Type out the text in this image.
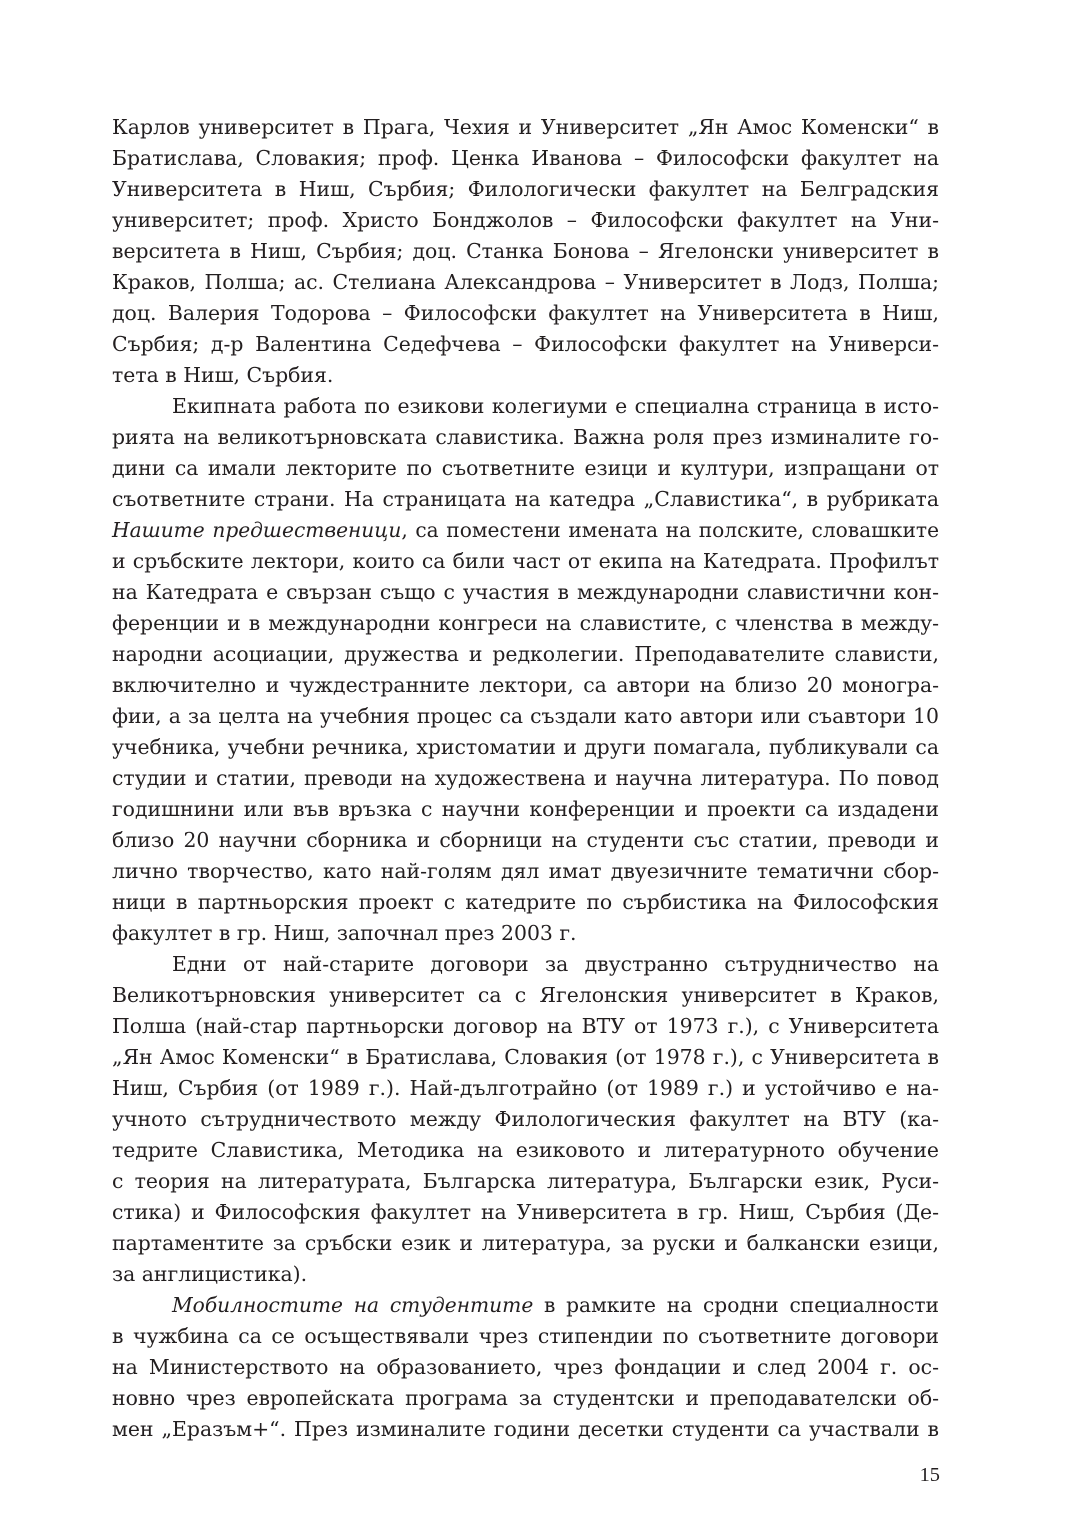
Карлов университет в Прага, Чехия и Университет „Ян Амос Коменски“ в
Братислава, Словакия; проф. Ценка Иванова – Философски факултет на
Университета в Ниш, Сърбия; Филологически факултет на Белградския
университет; проф. Христо Бонджолов – Философски факултет на Уни-
верситета в Ниш, Сърбия; доц. Станка Бонова – Ягелонски университет в
Краков, Полша; ас. Стелиана Александрова – Университет в Лодз, Полша;
доц. Валерия Тодорова – Философски факултет на Университета в Ниш,
Сърбия; д-р Валентина Седефчева – Философски факултет на Универси-
тета в Ниш, Сърбия.
Екипната работа по езикови колегиуми е специална страница в исто-
рията на великотърновската славистика. Важна роля през изминалите го-
дини са имали лекторите по съответните езици и култури, изпращани от
съответните страни. На страницата на катедра „Славистика“, в рубриката
Нашите предшественици, са поместени имената на полските, словашките
и сръбските лектори, които са били част от екипа на Катедрата. Профилът
на Катедрата е свързан също с участия в международни славистични кон-
ференции и в международни конгреси на славистите, с членства в между-
народни асоциации, дружества и редколегии. Преподавателите слависти,
включително и чуждестранните лектори, са автори на близо 20 моногра-
фии, а за целта на учебния процес са създали като автори или съавтори 10
учебника, учебни речника, христоматии и други помагала, публикували са
студии и статии, преводи на художествена и научна литература. По повод
годишнини или във връзка с научни конференции и проекти са издадени
близо 20 научни сборника и сборници на студенти със статии, преводи и
лично творчество, като най-голям дял имат двуезичните тематични сбор-
ници в партньорския проект с катедрите по сърбистика на Философския
факултет в гр. Ниш, започнал през 2003 г.
Едни от най-старите договори за двустранно сътрудничество на
Великотърновския университет са с Ягелонския университет в Краков,
Полша (най-стар партньорски договор на ВТУ от 1973 г.), с Университета
„Ян Амос Коменски“ в Братислава, Словакия (от 1978 г.), с Университета в
Ниш, Сърбия (от 1989 г.). Най-дълготрайно (от 1989 г.) и устойчиво е на-
учното сътрудничеството между Филологическия факултет на ВТУ (ка-
тедрите Славистика, Методика на езиковото и литературното обучение
с теория на литературата, Българска литература, Български език, Руси-
стика) и Философския факултет на Университета в гр. Ниш, Сърбия (Де-
партаментите за сръбски език и литература, за руски и балкански езици,
за англицистика).
Мобилностите на студентите в рамките на сродни специалности
в чужбина са се осъществявали чрез стипендии по съответните договори
на Министерството на образованието, чрез фондации и след 2004 г. ос-
новно чрез европейската програма за студентски и преподавателски об-
мен „Еразъм+“. През изминалите години десетки студенти са участвали в
15
